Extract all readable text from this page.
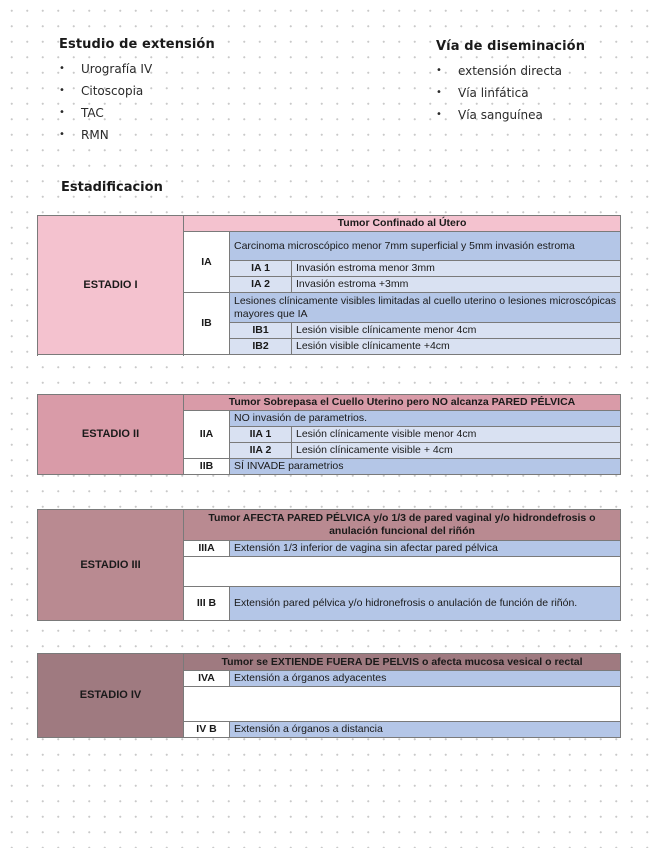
Estudio de extensión
• Urografía IV
• Citoscopia
• TAC
• RMN
Vía de diseminación
• extensión directa
• Vía linfática
• Vía sanguínea
Estadificacion
ESTADIO I	Tumor Confinado al Útero		
	IA	Carcinoma microscópico menor 7mm superficial y 5mm invasión estroma	
		IA 1	Invasión estroma menor 3mm
		IA 2	Invasión estroma +3mm

	IB	Lesiones clínicamente visibles limitadas al cuello uterino o lesiones microscópicas mayores que IA	
		IB1	Lesión visible clínicamente menor 4cm
		IB2	Lesión visible clínicamente +4cm

ESTADIO II	Tumor Sobrepasa el Cuello Uterino pero NO alcanza PARED PÉLVICA		
	IIA	NO invasión de parametrios.	
		IIA 1	Lesión clínicamente visible menor 4cm
		IIA 2	Lesión clínicamente visible + 4cm
	IIB	SÍ INVADE parametrios	
ESTADIO III	Tumor AFECTA PARED PÉLVICA y/o 1/3 de pared vaginal y/o hidrondefrosis o anulación funcional del riñón	
	IIIA	Extensión 1/3 inferior de vagina sin afectar pared pélvica

	III B	Extensión pared pélvica y/o hidronefrosis o anulación de función de riñón.
ESTADIO IV	Tumor se EXTIENDE FUERA DE PELVIS o afecta mucosa vesical o rectal	
	IVA	Extensión a órganos adyacentes

	IV B	Extensión a órganos a distancia
